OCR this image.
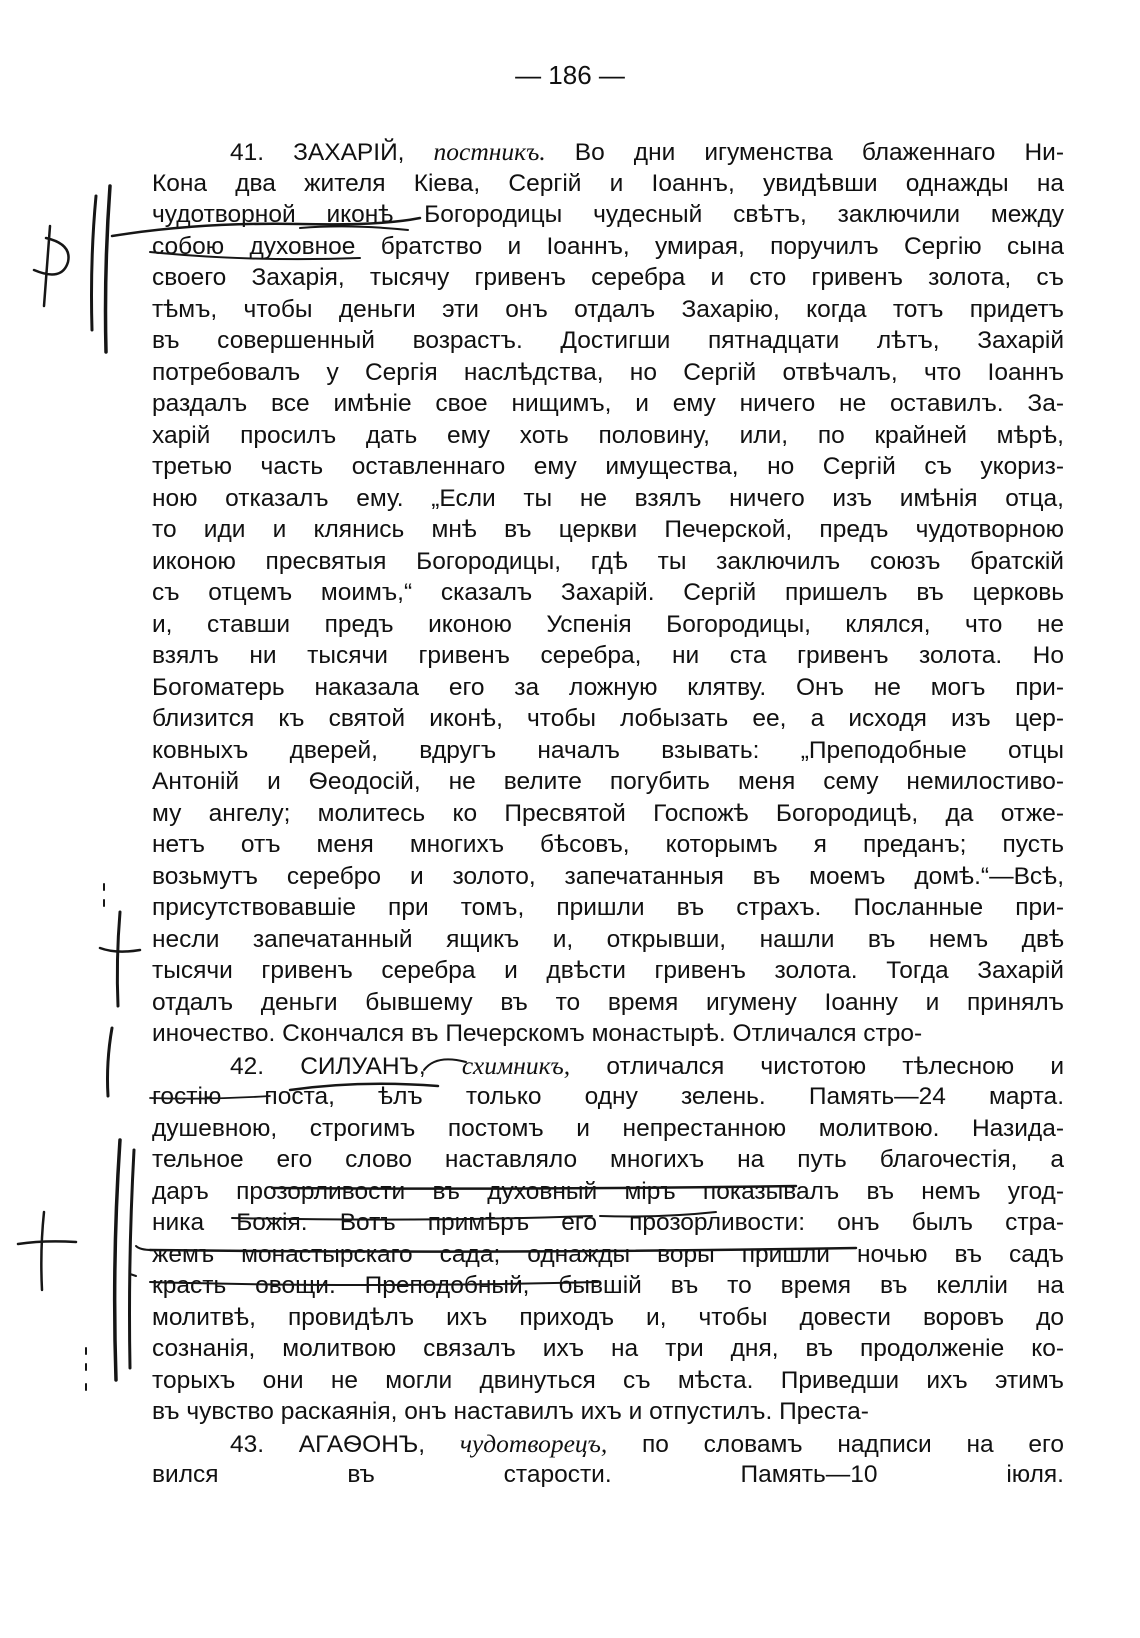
— 186 —
41. ЗАХАРІЙ, постникъ. Во дни игуменства блаженнаго Ни-
Кона два жителя Кіева, Сергій и Іоаннъ, увидѣвши однажды на
чудотворной иконѣ Богородицы чудесный свѣтъ, заключили между
собою духовное братство и Іоаннъ, умирая, поручилъ Сергію сына
своего Захарія, тысячу гривенъ серебра и сто гривенъ золота, съ
тѣмъ, чтобы деньги эти онъ отдалъ Захарію, когда тотъ придетъ
въ совершенный возрастъ. Достигши пятнадцати лѣтъ, Захарій
потребовалъ у Сергія наслѣдства, но Сергій отвѣчалъ, что Іоаннъ
раздалъ все имѣніе свое нищимъ, и ему ничего не оставилъ. За-
харій просилъ дать ему хоть половину, или, по крайней мѣрѣ,
третью часть оставленнаго ему имущества, но Сергій съ укориз-
ною отказалъ ему. „Если ты не взялъ ничего изъ имѣнія отца,
то иди и клянись мнѣ въ церкви Печерской, предъ чудотворною
иконою пресвятыя Богородицы, гдѣ ты заключилъ союзъ братскій
съ отцемъ моимъ,“ сказалъ Захарій. Сергій пришелъ въ церковь
и, ставши предъ иконою Успенія Богородицы, клялся, что не
взялъ ни тысячи гривенъ серебра, ни ста гривенъ золота. Но
Богоматерь наказала его за ложную клятву. Онъ не могъ при-
близится къ святой иконѣ, чтобы лобызать ее, а исходя изъ цер-
ковныхъ дверей, вдругъ началъ взывать: „Преподобные отцы
Антоній и Ѳеодосій, не велите погубить меня сему немилостиво-
му ангелу; молитесь ко Пресвятой Госпожѣ Богородицѣ, да отже-
нетъ отъ меня многихъ бѣсовъ, которымъ я преданъ; пусть
возьмутъ серебро и золото, запечатанныя въ моемъ домѣ.“—Всѣ,
присутствовавшіе при томъ, пришли въ страхъ. Посланные при-
несли запечатанный ящикъ и, открывши, нашли въ немъ двѣ
тысячи гривенъ серебра и двѣсти гривенъ золота. Тогда Захарій
отдалъ деньги бывшему въ то время игумену Іоанну и принялъ
иночество. Скончался въ Печерскомъ монастырѣ. Отличался стро-
42. СИЛУАНЪ, схимникъ, отличался чистотою тѣлесною и
гостію поста, ѣлъ только одну зелень. Память—24 марта.
душевною, строгимъ постомъ и непрестанною молитвою. Назида-
тельное его слово наставляло многихъ на путь благочестія, а
даръ прозорливости въ духовный міръ показывалъ въ немъ угод-
ника Божія. Вотъ примѣръ его прозорливости: онъ былъ стра-
жемъ монастырскаго сада; однажды воры пришли ночью въ садъ
красть овощи. Преподобный, бывшій въ то время въ келліи на
молитвѣ, провидѣлъ ихъ приходъ и, чтобы довести воровъ до
сознанія, молитвою связалъ ихъ на три дня, въ продолженіе ко-
торыхъ они не могли двинуться съ мѣста. Приведши ихъ этимъ
въ чувство раскаянія, онъ наставилъ ихъ и отпустилъ. Преста-
43. АГАѲОНЪ, чудотворецъ, по словамъ надписи на его
вился въ старости. Память—10 іюля.
